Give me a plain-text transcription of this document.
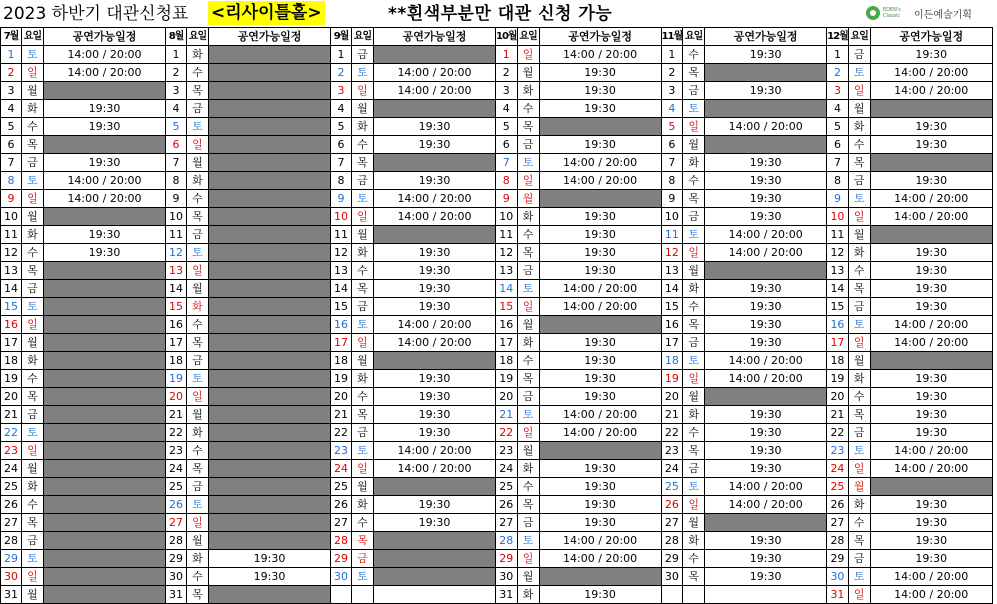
2023 하반기 대관신청표 <리사이틀홀>	**흰색부분만 대관 신청 가능	EDEN's Classic	이든예술기획
7월	요일	공연가능일정	8월	요일	공연가능일정	9월	요일	공연가능일정	10월	요일	공연가능일정	11월	요일	공연가능일정	12월	요일	공연가능일정
1	토	14:00 / 20:00	1	화		1	금		1	일	14:00 / 20:00	1	수	19:30	1	금	19:30
2	일	14:00 / 20:00	2	수		2	토	14:00 / 20:00	2	월	19:30	2	목		2	토	14:00 / 20:00
3	월		3	목		3	일	14:00 / 20:00	3	화	19:30	3	금	19:30	3	일	14:00 / 20:00
4	화	19:30	4	금		4	월		4	수	19:30	4	토		4	월	
5	수	19:30	5	토		5	화	19:30	5	목		5	일	14:00 / 20:00	5	화	19:30
6	목		6	일		6	수	19:30	6	금	19:30	6	월		6	수	19:30
7	금	19:30	7	월		7	목		7	토	14:00 / 20:00	7	화	19:30	7	목	
8	토	14:00 / 20:00	8	화		8	금	19:30	8	일	14:00 / 20:00	8	수	19:30	8	금	19:30
9	일	14:00 / 20:00	9	수		9	토	14:00 / 20:00	9	월		9	목	19:30	9	토	14:00 / 20:00
10	월		10	목		10	일	14:00 / 20:00	10	화	19:30	10	금	19:30	10	일	14:00 / 20:00
11	화	19:30	11	금		11	월		11	수	19:30	11	토	14:00 / 20:00	11	월	
12	수	19:30	12	토		12	화	19:30	12	목	19:30	12	일	14:00 / 20:00	12	화	19:30
13	목		13	일		13	수	19:30	13	금	19:30	13	월		13	수	19:30
14	금		14	월		14	목	19:30	14	토	14:00 / 20:00	14	화	19:30	14	목	19:30
15	토		15	화		15	금	19:30	15	일	14:00 / 20:00	15	수	19:30	15	금	19:30
16	일		16	수		16	토	14:00 / 20:00	16	월		16	목	19:30	16	토	14:00 / 20:00
17	월		17	목		17	일	14:00 / 20:00	17	화	19:30	17	금	19:30	17	일	14:00 / 20:00
18	화		18	금		18	월		18	수	19:30	18	토	14:00 / 20:00	18	월	
19	수		19	토		19	화	19:30	19	목	19:30	19	일	14:00 / 20:00	19	화	19:30
20	목		20	일		20	수	19:30	20	금	19:30	20	월		20	수	19:30
21	금		21	월		21	목	19:30	21	토	14:00 / 20:00	21	화	19:30	21	목	19:30
22	토		22	화		22	금	19:30	22	일	14:00 / 20:00	22	수	19:30	22	금	19:30
23	일		23	수		23	토	14:00 / 20:00	23	월		23	목	19:30	23	토	14:00 / 20:00
24	월		24	목		24	일	14:00 / 20:00	24	화	19:30	24	금	19:30	24	일	14:00 / 20:00
25	화		25	금		25	월		25	수	19:30	25	토	14:00 / 20:00	25	월	
26	수		26	토		26	화	19:30	26	목	19:30	26	일	14:00 / 20:00	26	화	19:30
27	목		27	일		27	수	19:30	27	금	19:30	27	월		27	수	19:30
28	금		28	월		28	목		28	토	14:00 / 20:00	28	화	19:30	28	목	19:30
29	토		29	화	19:30	29	금		29	일	14:00 / 20:00	29	수	19:30	29	금	19:30
30	일		30	수	19:30	30	토		30	월		30	목	19:30	30	토	14:00 / 20:00
31	월		31	목					31	화	19:30				31	일	14:00 / 20:00
